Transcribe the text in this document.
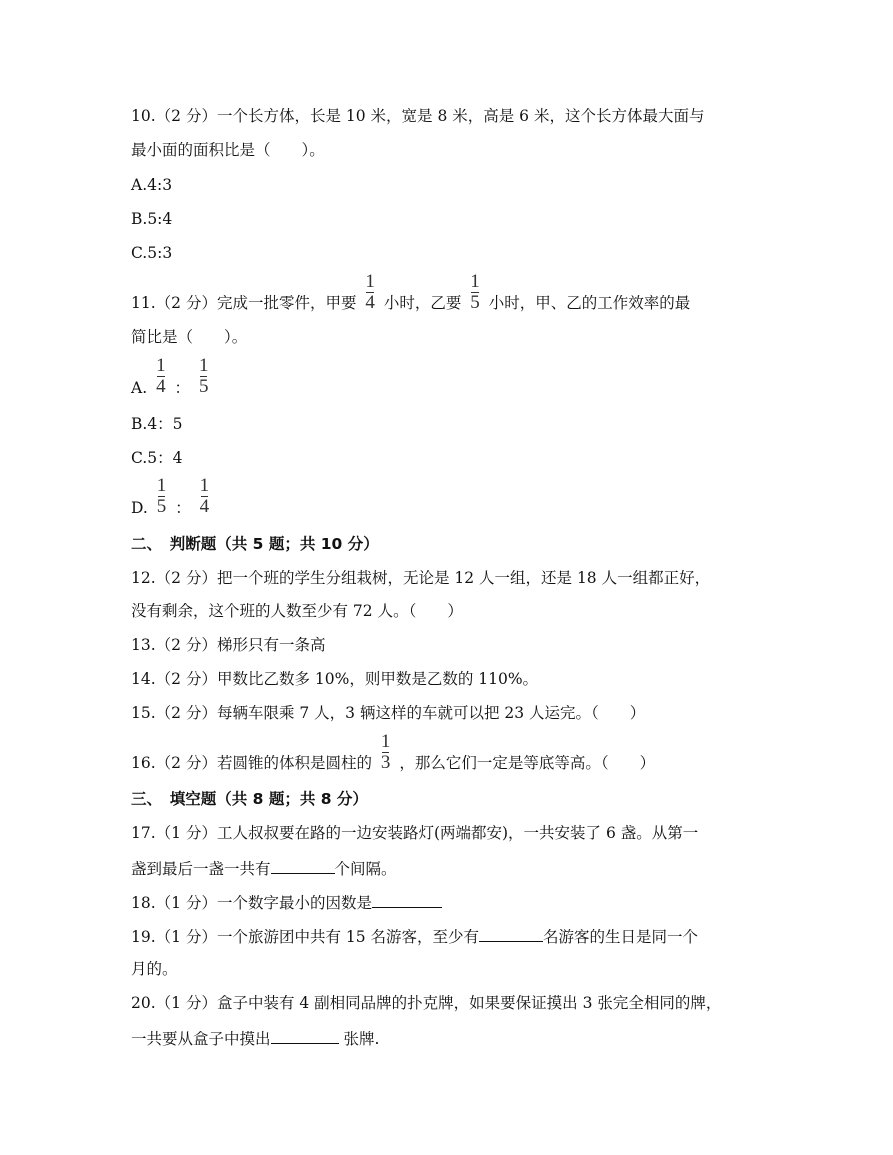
10.（2 分）一个长方体，长是 10 米，宽是 8 米，高是 6 米，这个长方体最大面与
最小面的面积比是（　　）。
A.4:3
B.5:4
C.5:3
11.（2 分）完成一批零件，甲要 $\frac{1}{4}$ 小时，乙要 $\frac{1}{5}$ 小时，甲、乙的工作效率的最
简比是（　　）。
A. $\frac{1}{4}$ ： $\frac{1}{5}$
B.4：5
C.5：4
D. $\frac{1}{5}$ ： $\frac{1}{4}$
二、　判断题（共 5 题；共 10 分）
12.（2 分）把一个班的学生分组栽树，无论是 12 人一组，还是 18 人一组都正好，
没有剩余，这个班的人数至少有 72 人。（　　）
13.（2 分）梯形只有一条高
14.（2 分）甲数比乙数多 10%，则甲数是乙数的 110%。
15.（2 分）每辆车限乘 7 人，3 辆这样的车就可以把 23 人运完。（　　）
16.（2 分）若圆锥的体积是圆柱的 $\frac{1}{3}$ ，那么它们一定是等底等高。（　　）
三、　填空题（共 8 题；共 8 分）
17.（1 分）工人叔叔要在路的一边安装路灯(两端都安)，一共安装了 6 盏。从第一
盏到最后一盏一共有	个间隔。
18.（1 分）一个数字最小的因数是
19.（1 分）一个旅游团中共有 15 名游客，至少有	名游客的生日是同一个
月的。
20.（1 分）盒子中装有 4 副相同品牌的扑克牌，如果要保证摸出 3 张完全相同的牌，
一共要从盒子中摸出	张牌.
